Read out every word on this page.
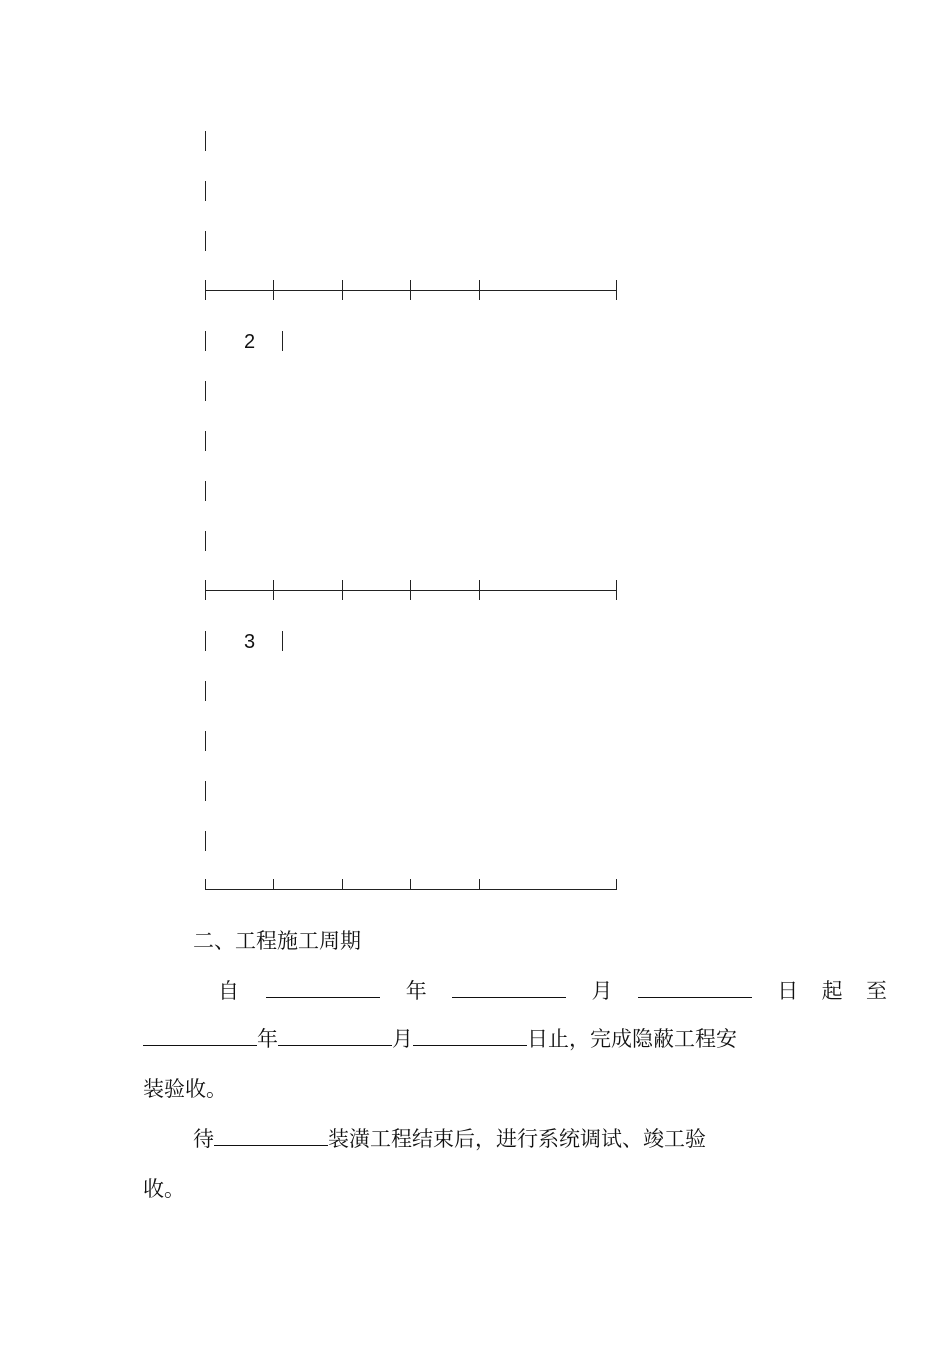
2
3
二、工程施工周期
自	年	月	日 起 至
年	月	日止，完成隐蔽工程安
装验收。
待	装潢工程结束后，进行系统调试、竣工验
收。
